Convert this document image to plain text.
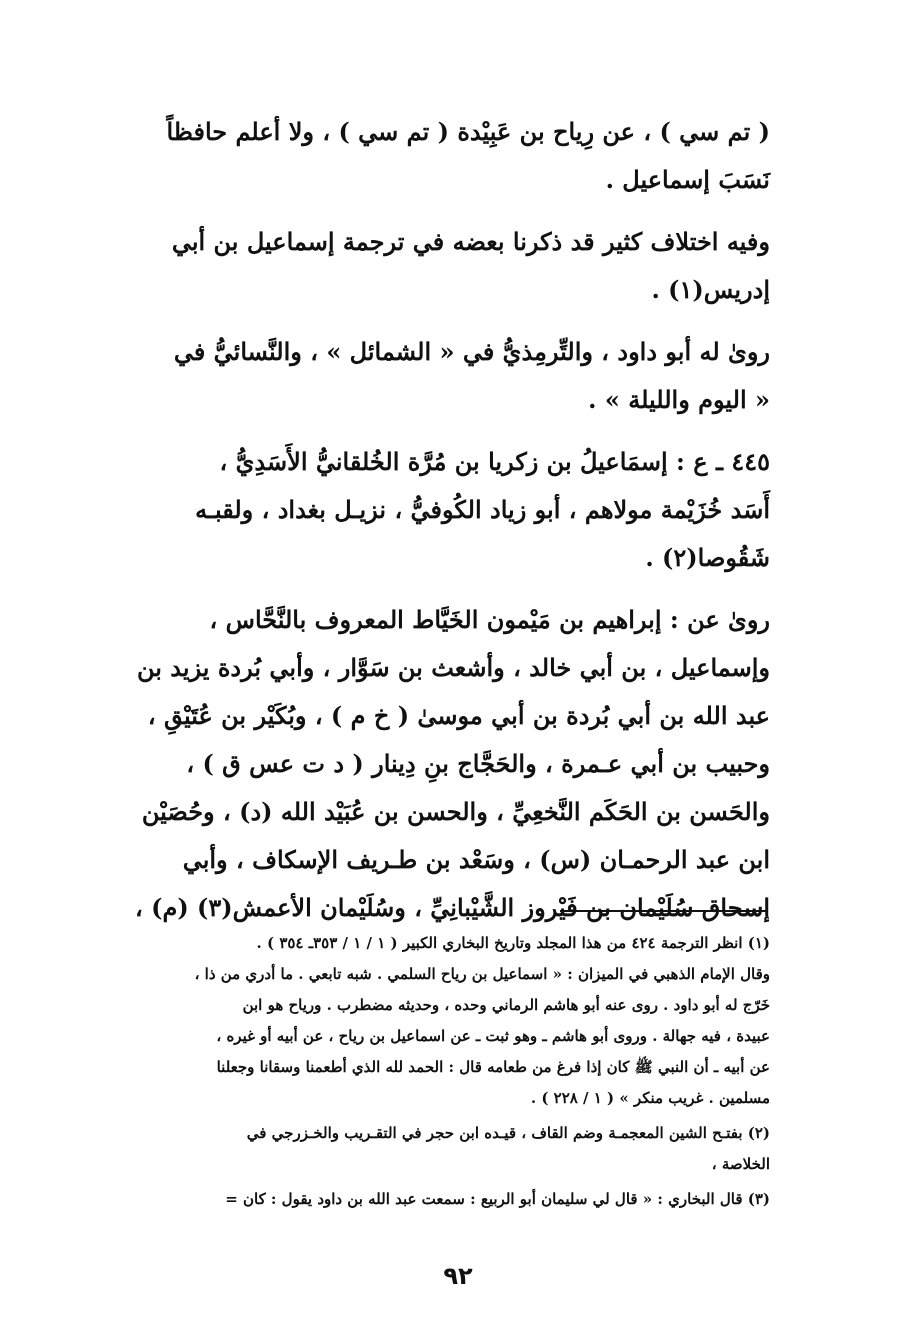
( تم سي ) ، عن رِياح بن عَبِيْدة ( تم سي ) ، ولا أعلم حافظاً

نَسَبَ إسماعيل .

وفيه اختلاف كثير قد ذكرنا بعضه في ترجمة إسماعيل بن أبي

إدريس(١) .

روىٰ له أبو داود ، والتِّرمِذيُّ في « الشمائل » ، والنَّسائيُّ في

« اليوم والليلة » .

٤٤٥ ـ ع : إسمَاعيلُ بن زكريا بن مُرَّة الخُلقانيُّ الأَسَدِيُّ ،

أَسَد خُزَيْمة مولاهم ، أبو زياد الكُوفيُّ ، نزيـل بغداد ، ولقبـه

شَقُوصا(٢) .

روىٰ عن : إبراهيم بن مَيْمون الخَيَّاط المعروف بالنَّحَّاس ،

وإسماعيل ، بن أبي خالد ، وأشعث بن سَوَّار ، وأبي بُردة يزيد بن

عبد الله بن أبي بُردة بن أبي موسىٰ ( خ م ) ، وبُكَيْر بن عُتَيْقِ ،

وحبيب بن أبي عـمرة ، والحَجَّاج بنِ دِينار ( د ت عس ق ) ،

والحَسن بن الحَكَم النَّخعِيِّ ، والحسن بن عُبَيْد الله (د) ، وحُصَيْن

ابن عبد الرحمـان (س) ، وسَعْد بن طـريف الإسكاف ، وأبي

إسحاق سُلَيْمان بن فَيْروز الشَّيْبانِيِّ ، وسُلَيْمان الأعمش(٣) (م) ،

(١) انظر الترجمة ٤٢٤ من هذا المجلد وتاريخ البخاري الكبير ( ١ / ١ / ٣٥٣ـ ٣٥٤ ) .

وقال الإمام الذهبي في الميزان : « اسماعيل بن رياح السلمي . شبه تابعي . ما أدري من ذا ،

خَرّج له أبو داود . روى عنه أبو هاشم الرماني وحده ، وحديثه مضطرب . ورياح هو ابن

عبيدة ، فيه جهالة . وروى أبو هاشم ـ وهو ثبت ـ عن اسماعيل بن رياح ، عن أبيه أو غيره ،

عن أبيه ـ أن النبي ﷺ كان إذا فرغ من طعامه قال : الحمد لله الذي أطعمنا وسقانا وجعلنا

مسلمين . غريب منكر » ( ١ / ٢٢٨ ) .

(٢) بفتـح الشين المعجمـة وضم القاف ، قيـده ابن حجر في التقـريب والخـزرجي في

الخلاصة ،

(٣) قال البخاري : « قال لي سليمان أبو الربيع : سمعت عبد الله بن داود يقول : كان =

٩٢
